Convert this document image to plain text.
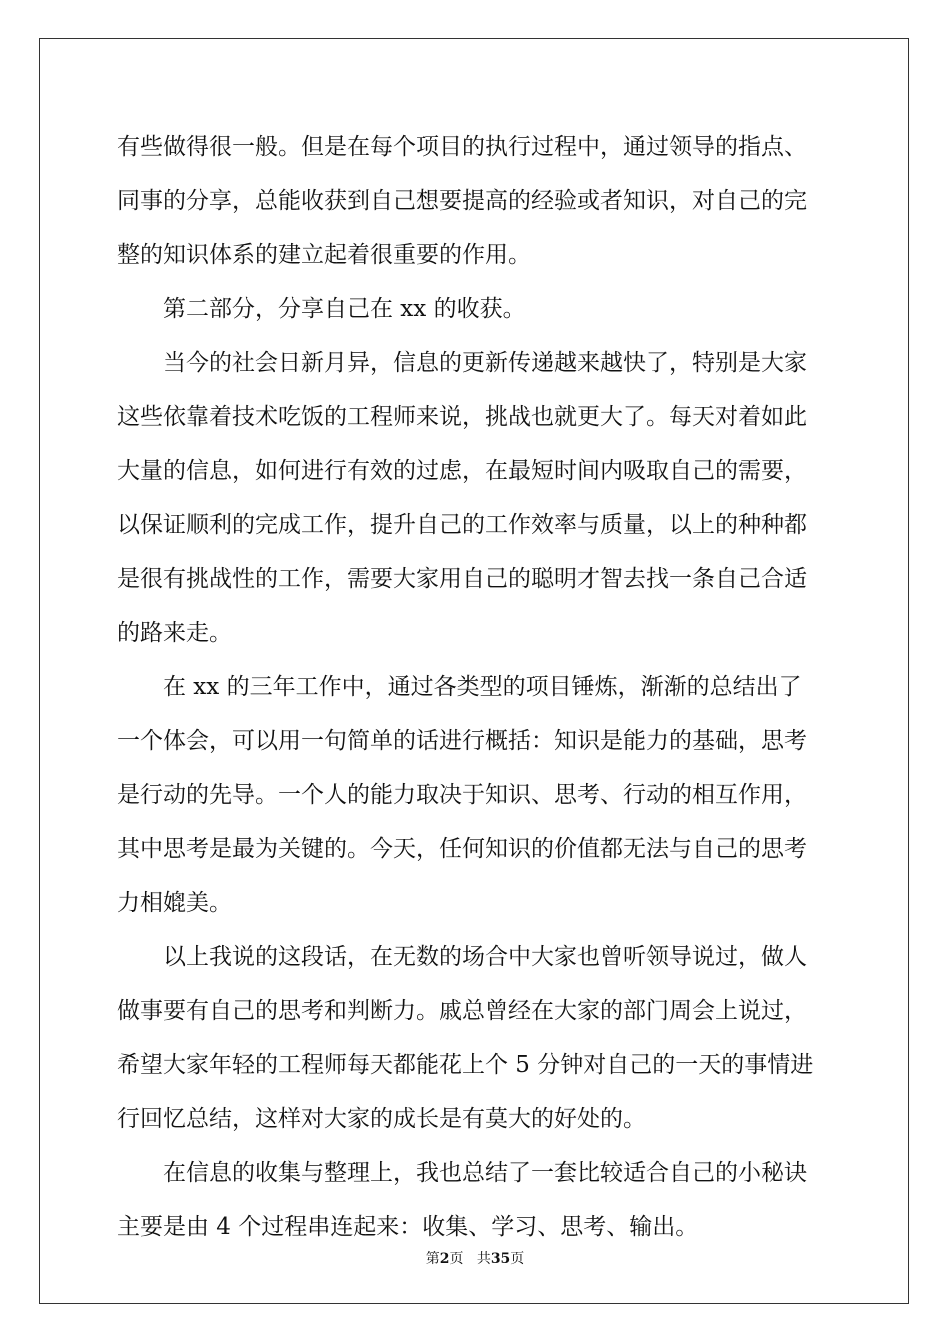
有些做得很一般。但是在每个项目的执行过程中，通过领导的指点、
同事的分享，总能收获到自己想要提高的经验或者知识，对自己的完
整的知识体系的建立起着很重要的作用。
第二部分，分享自己在 xx 的收获。
当今的社会日新月异，信息的更新传递越来越快了，特别是大家
这些依靠着技术吃饭的工程师来说，挑战也就更大了。每天对着如此
大量的信息，如何进行有效的过虑，在最短时间内吸取自己的需要，
以保证顺利的完成工作，提升自己的工作效率与质量，以上的种种都
是很有挑战性的工作，需要大家用自己的聪明才智去找一条自己合适
的路来走。
在 xx 的三年工作中，通过各类型的项目锤炼，渐渐的总结出了
一个体会，可以用一句简单的话进行概括：知识是能力的基础，思考
是行动的先导。一个人的能力取决于知识、思考、行动的相互作用，
其中思考是最为关键的。今天，任何知识的价值都无法与自己的思考
力相媲美。
以上我说的这段话，在无数的场合中大家也曾听领导说过，做人
做事要有自己的思考和判断力。戚总曾经在大家的部门周会上说过，
希望大家年轻的工程师每天都能花上个 5 分钟对自己的一天的事情进
行回忆总结，这样对大家的成长是有莫大的好处的。
在信息的收集与整理上，我也总结了一套比较适合自己的小秘诀
主要是由 4 个过程串连起来：收集、学习、思考、输出。
第2页 共35页
